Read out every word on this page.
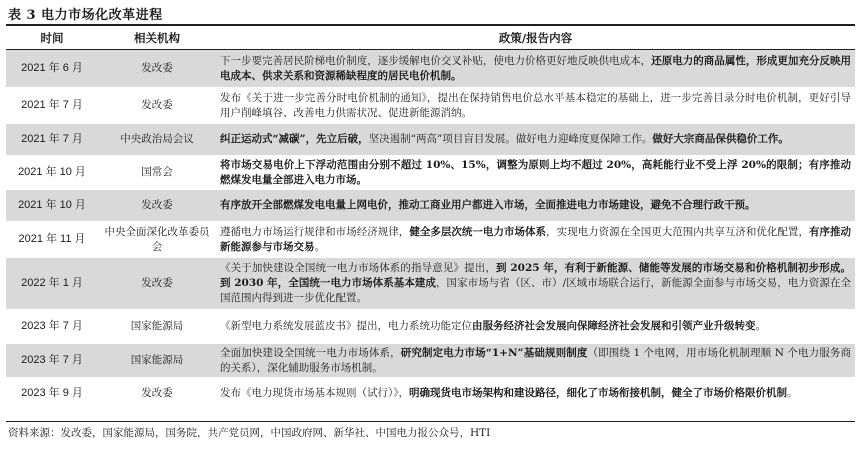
表 3 电力市场化改革进程
时间	相关机构	政策/报告内容
2021 年 6 月	发改委	下一步要完善居民阶梯电价制度，逐步缓解电价交叉补贴，使电力价格更好地反映供电成本，还原电力的商品属性，形成更加充分反映用电成本、供求关系和资源稀缺程度的居民电价机制。
2021 年 7 月	发改委	发布《关于进一步完善分时电价机制的通知》，提出在保持销售电价总水平基本稳定的基础上，进一步完善目录分时电价机制，更好引导用户削峰填谷、改善电力供需状况、促进新能源消纳。
2021 年 7 月	中央政治局会议	纠正运动式“减碳”，先立后破，坚决遏制“两高”项目盲目发展。做好电力迎峰度夏保障工作。做好大宗商品保供稳价工作。
2021 年 10 月	国常会	将市场交易电价上下浮动范围由分别不超过 10%、15%，调整为原则上均不超过 20%，高耗能行业不受上浮 20%的限制；有序推动燃煤发电量全部进入电力市场。
2021 年 10 月	发改委	有序放开全部燃煤发电电量上网电价，推动工商业用户都进入市场，全面推进电力市场建设，避免不合理行政干预。
2021 年 11 月	中央全面深化改革委员会	遵循电力市场运行规律和市场经济规律，健全多层次统一电力市场体系，实现电力资源在全国更大范围内共享互济和优化配置，有序推动新能源参与市场交易。
2022 年 1 月	发改委	《关于加快建设全国统一电力市场体系的指导意见》提出，到 2025 年，有利于新能源、储能等发展的市场交易和价格机制初步形成。到 2030 年，全国统一电力市场体系基本建成，国家市场与省（区、市）/区域市场联合运行，新能源全面参与市场交易，电力资源在全国范围内得到进一步优化配置。
2023 年 7 月	国家能源局	《新型电力系统发展蓝皮书》提出，电力系统功能定位由服务经济社会发展向保障经济社会发展和引领产业升级转变。
2023 年 7 月	国家能源局	全面加快建设全国统一电力市场体系，研究制定电力市场“1+N”基础规则制度（即围绕 1 个电网，用市场化机制理顺 N 个电力服务商的关系），深化辅助服务市场机制。
2023 年 9 月	发改委	发布《电力现货市场基本规则（试行）》，明确现货电市场架构和建设路径，细化了市场衔接机制，健全了市场价格限价机制。
资料来源：发改委，国家能源局，国务院，共产党员网，中国政府网、新华社、中国电力报公众号，HTI
